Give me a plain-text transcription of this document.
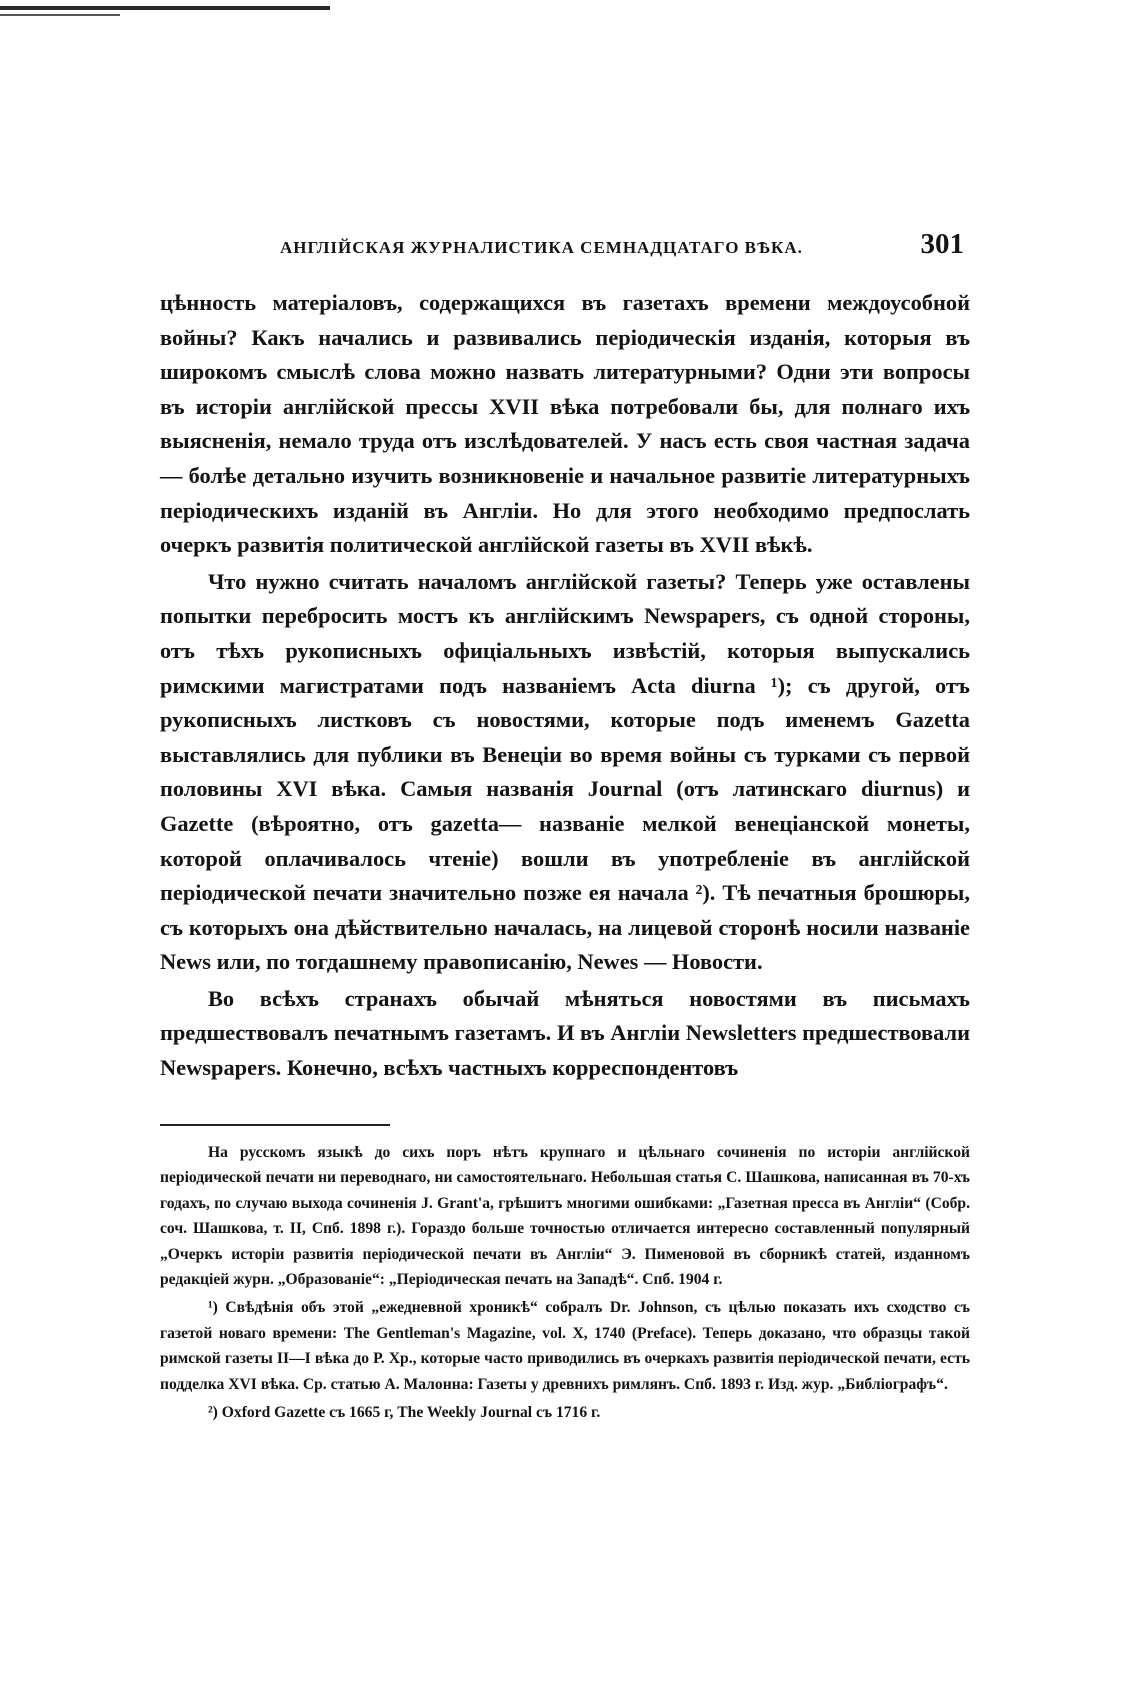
АНГЛІЙСКАЯ ЖУРНАЛИСТИКА СЕМНАДЦАТАГО ВѢКА.	301

цѣнность матеріаловъ, содержащихся въ газетахъ времени междоусобной войны? Какъ начались и развивались періодическія изданія, которыя въ широкомъ смыслѣ слова можно назвать литературными? Одни эти вопросы въ исторіи англійской прессы XVII вѣка потребовали бы, для полнаго ихъ выясненія, немало труда отъ изслѣдователей. У насъ есть своя частная задача — болѣе детально изучить возникновеніе и начальное развитіе литературныхъ періодическихъ изданій въ Англіи. Но для этого необходимо предпослать очеркъ развитія политической англійской газеты въ XVII вѣкѣ.

Что нужно считать началомъ англійской газеты? Теперь уже оставлены попытки перебросить мостъ къ англійскимъ Newspapers, съ одной стороны, отъ тѣхъ рукописныхъ офиціальныхъ извѣстій, которыя выпускались римскими магистратами подъ названіемъ Acta diurna ¹); съ другой, отъ рукописныхъ листковъ съ новостями, которые подъ именемъ Gazetta выставлялись для публики въ Венеціи во время войны съ турками съ первой половины XVI вѣка. Самыя названія Journal (отъ латинскаго diurnus) и Gazette (вѣроятно, отъ gazetta— названіе мелкой венеціанской монеты, которой оплачивалось чтеніе) вошли въ употребленіе въ англійской періодической печати значительно позже ея начала ²). Тѣ печатныя брошюры, съ которыхъ она дѣйствительно началась, на лицевой сторонѣ носили названіе News или, по тогдашнему правописанію, Newes — Новости.

Во всѣхъ странахъ обычай мѣняться новостями въ письмахъ предшествовалъ печатнымъ газетамъ. И въ Англіи Newsletters предшествовали Newspapers. Конечно, всѣхъ частныхъ корреспондентовъ

На русскомъ языкѣ до сихъ поръ нѣтъ крупнаго и цѣльнаго сочиненія по исторіи англійской періодической печати ни переводнаго, ни самостоятельнаго. Небольшая статья С. Шашкова, написанная въ 70-хъ годахъ, по случаю выхода сочиненія J. Grant'а, грѣшитъ многими ошибками: „Газетная пресса въ Англіи“ (Собр. соч. Шашкова, т. II, Спб. 1898 г.). Гораздо больше точностью отличается интересно составленный популярный „Очеркъ исторіи развитія періодической печати въ Англіи“ Э. Пименовой въ сборникѣ статей, изданномъ редакціей журн. „Образованіе“: „Періодическая печать на Западѣ“. Спб. 1904 г.

¹) Свѣдѣнія объ этой „ежедневной хроникѣ“ собралъ Dr. Johnson, съ цѣлью показать ихъ сходство съ газетой новаго времени: The Gentleman's Magazine, vol. X, 1740 (Preface). Теперь доказано, что образцы такой римской газеты II—I вѣка до Р. Хр., которые часто приводились въ очеркахъ развитія періодической печати, есть подделка XVI вѣка. Ср. статью А. Малонна: Газеты у древнихъ римлянъ. Спб. 1893 г. Изд. жур. „Библіографъ“.

²) Oxford Gazette съ 1665 г, The Weekly Journal съ 1716 г.
